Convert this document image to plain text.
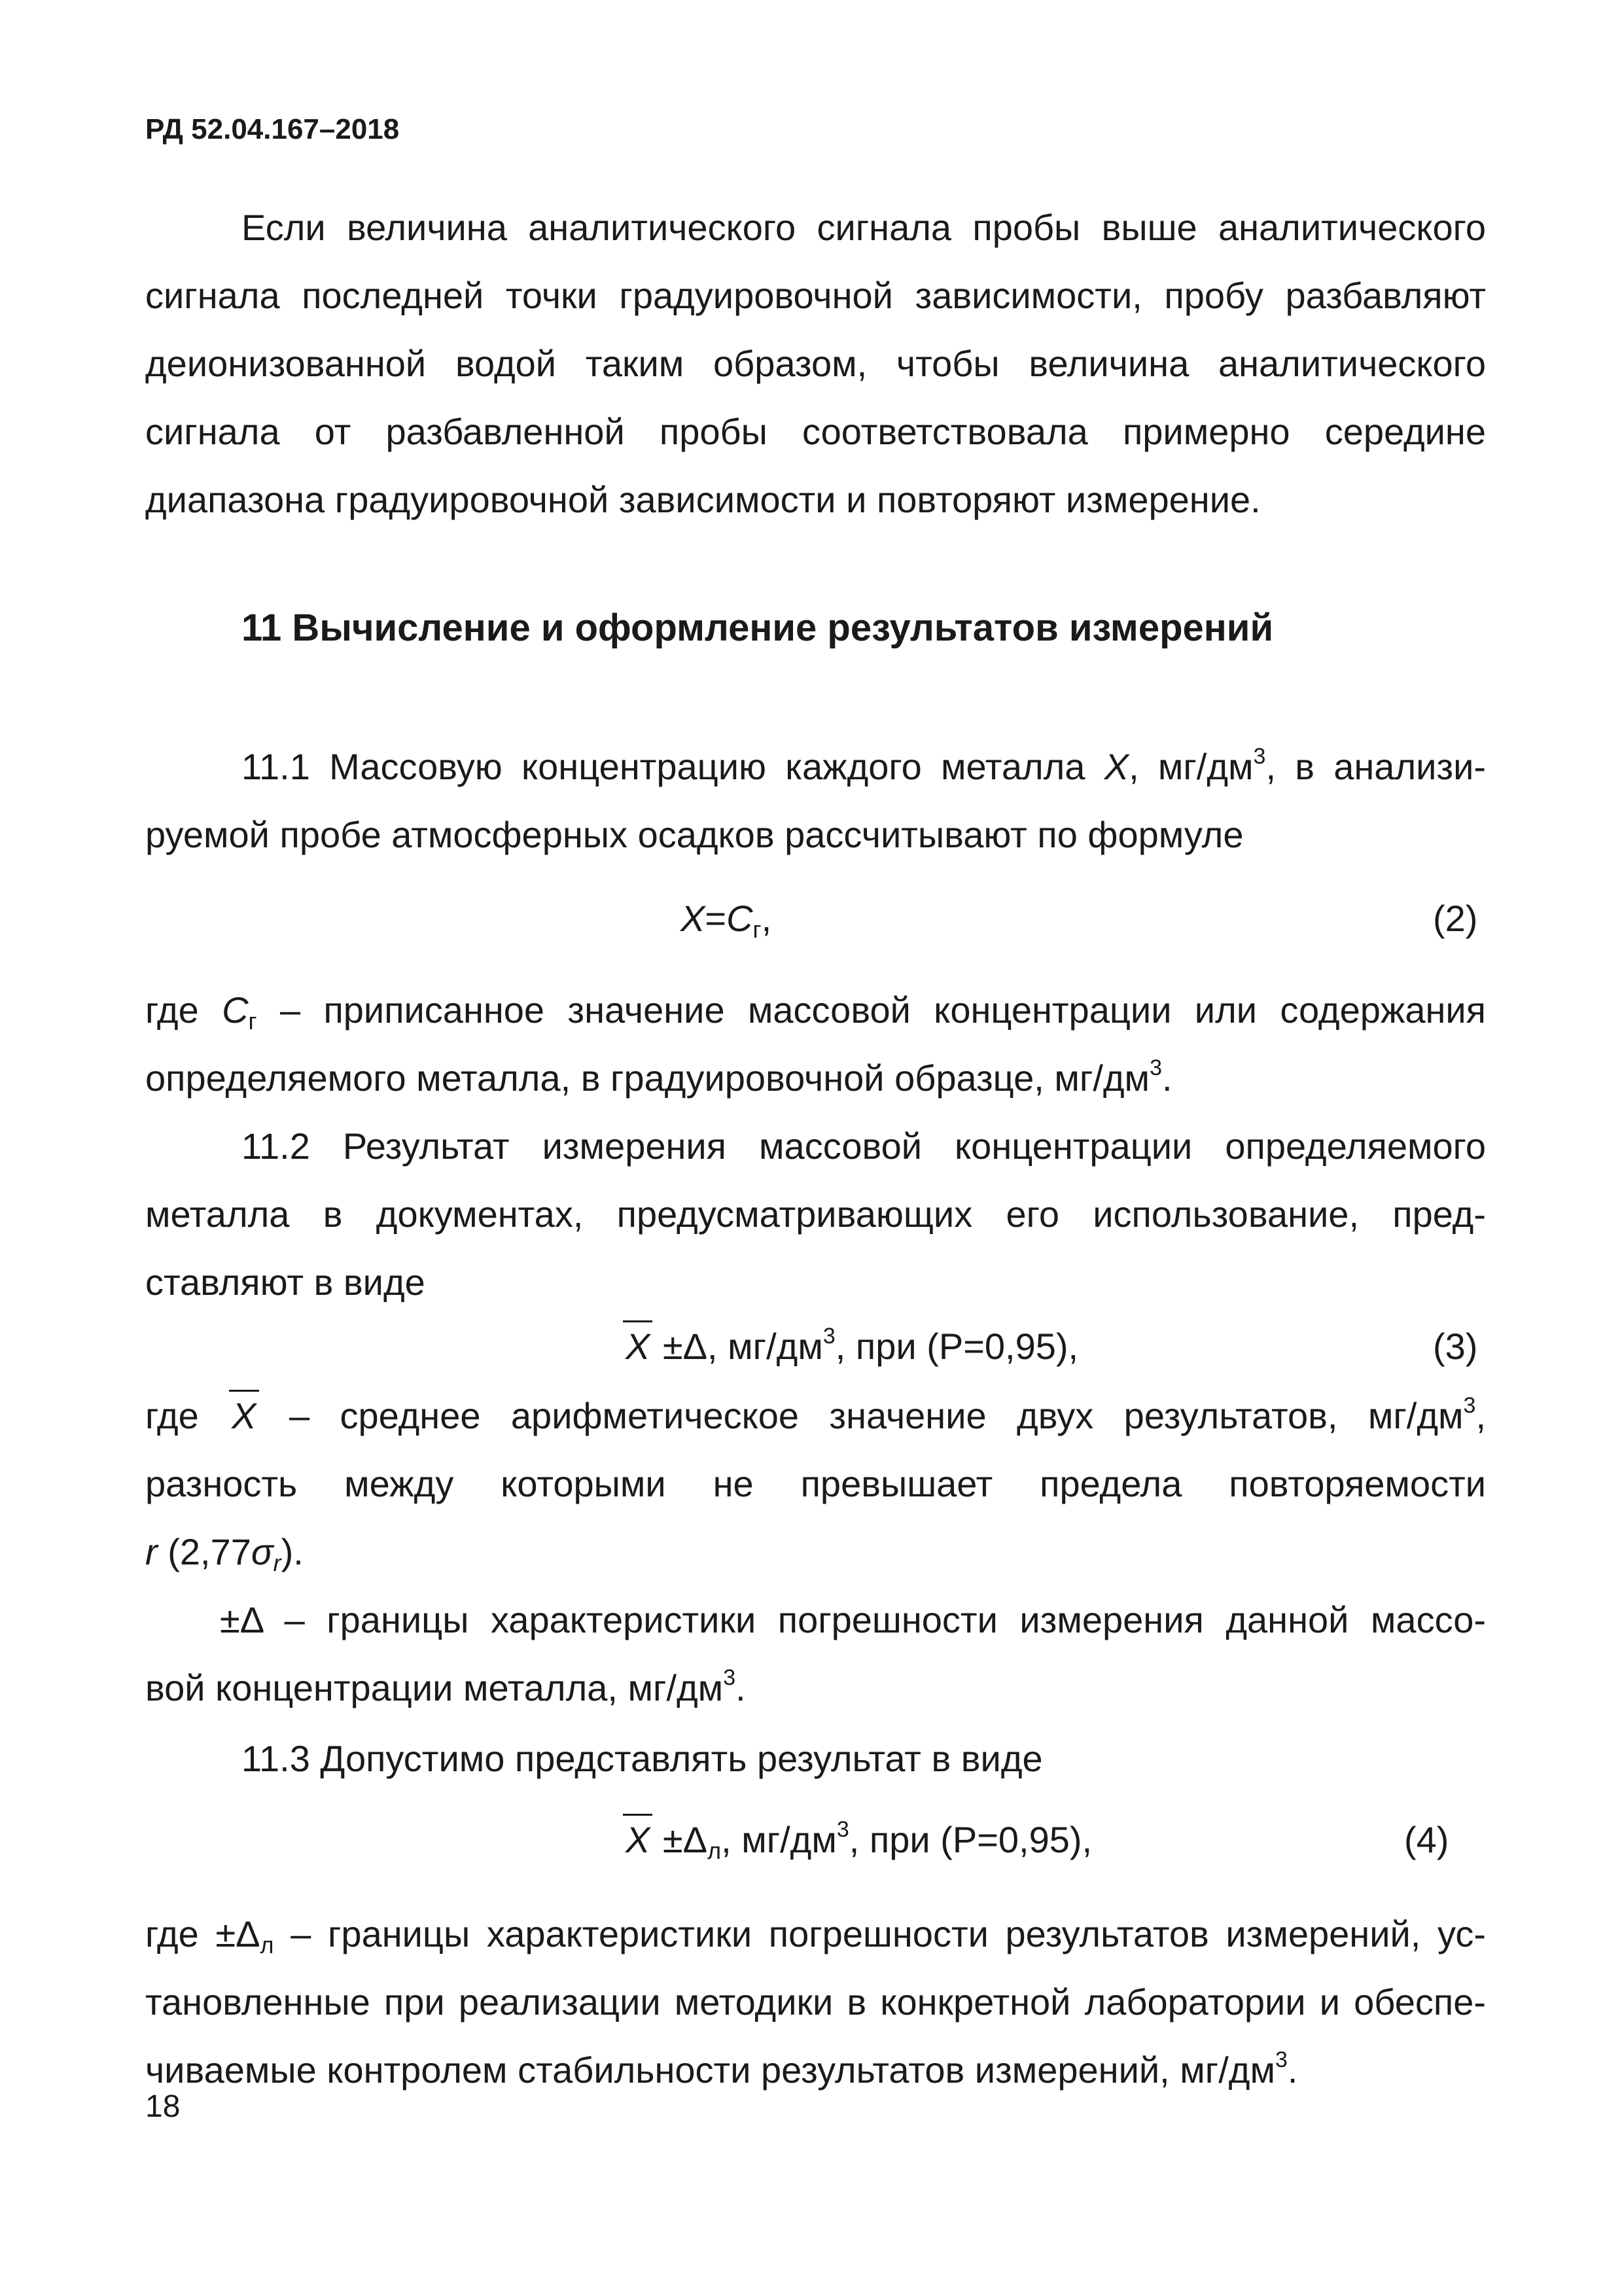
РД 52.04.167–2018
Если величина аналитического сигнала пробы выше аналитического
сигнала последней точки градуировочной зависимости, пробу разбавляют
деионизованной водой таким образом, чтобы величина аналитического
сигнала от разбавленной пробы соответствовала примерно середине
диапазона градуировочной зависимости и повторяют измерение.
11 Вычисление и оформление результатов измерений
11.1 Массовую концентрацию каждого металла X, $мг/дм^3$, в анализи-
руемой пробе атмосферных осадков рассчитывают по формуле
$X=C_г$,	(2)
где $C_г$ – приписанное значение массовой концентрации или содержания
определяемого металла, в градуировочной образце, $мг/дм^3$.
11.2 Результат измерения массовой концентрации определяемого
металла в документах, предусматривающих его использование, пред-
ставляют в виде
X ±Δ, $мг/дм^3$, при (Р=0,95),	(3)
где X – среднее арифметическое значение двух результатов, $мг/дм^3$,
разность между которыми не превышает предела повторяемости
r $(2,77\sigma_r)$.
±Δ – границы характеристики погрешности измерения данной массо-
вой концентрации металла, $мг/дм^3$.
11.3 Допустимо представлять результат в виде
$X \pm\Delta_л$, $мг/дм^3$, при (Р=0,95),	(4)
где $\pm\Delta_л$ – границы характеристики погрешности результатов измерений, ус-
тановленные при реализации методики в конкретной лаборатории и обеспе-
чиваемые контролем стабильности результатов измерений, $мг/дм^3$.
18
